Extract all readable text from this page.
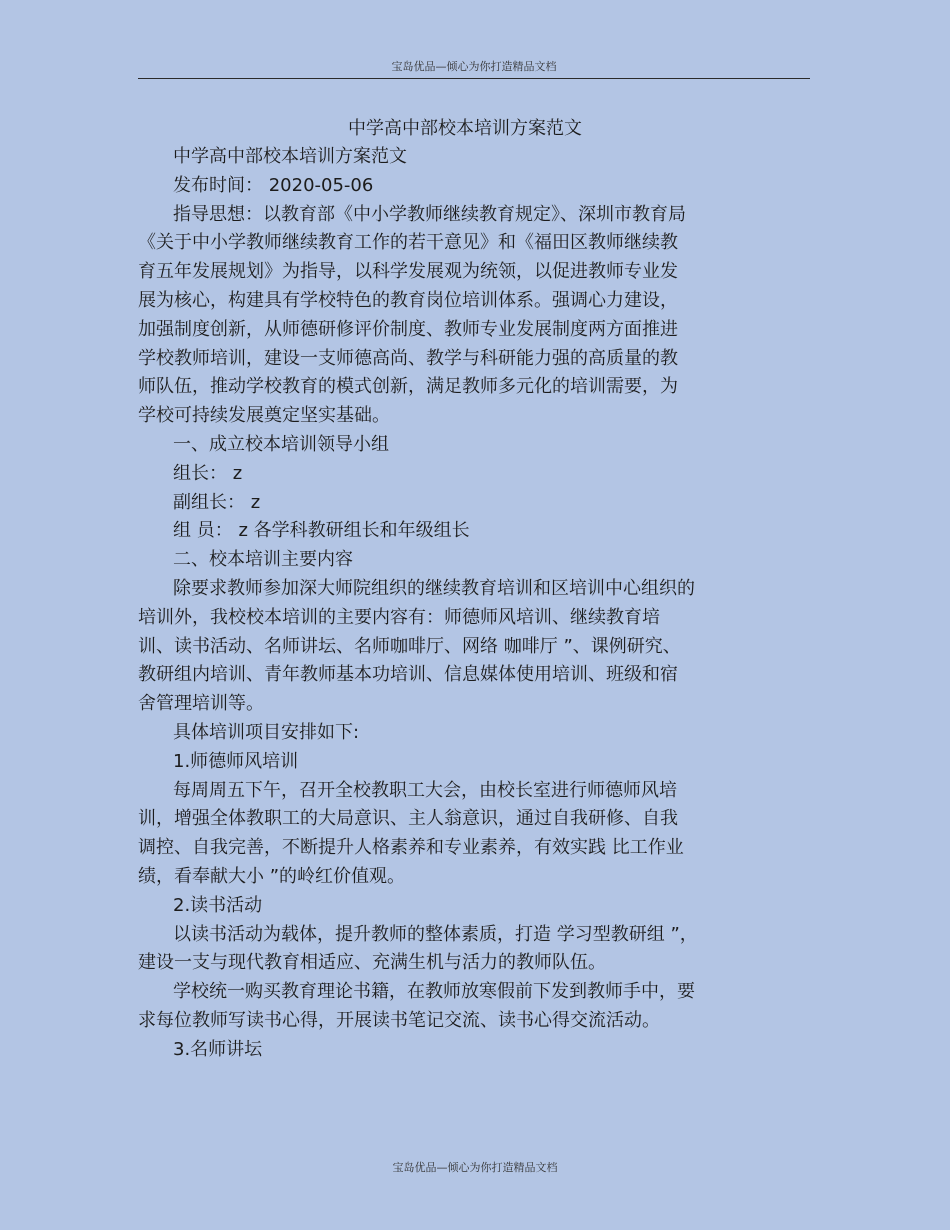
宝岛优品—倾心为你打造精品文档
中学高中部校本培训方案范文
中学高中部校本培训方案范文
发布时间： 2020-05-06
指导思想：以教育部《中小学教师继续教育规定》、深圳市教育局
《关于中小学教师继续教育工作的若干意见》和《福田区教师继续教
育五年发展规划》为指导，以科学发展观为统领，以促进教师专业发
展为核心，构建具有学校特色的教育岗位培训体系。强调心力建设，
加强制度创新，从师德研修评价制度、教师专业发展制度两方面推进
学校教师培训，建设一支师德高尚、教学与科研能力强的高质量的教
师队伍，推动学校教育的模式创新，满足教师多元化的培训需要，为
学校可持续发展奠定坚实基础。
一、成立校本培训领导小组
组长： z
副组长： z
组 员： z 各学科教研组长和年级组长
二、校本培训主要内容
除要求教师参加深大师院组织的继续教育培训和区培训中心组织的
培训外，我校校本培训的主要内容有：师德师风培训、继续教育培
训、读书活动、名师讲坛、名师咖啡厅、网络 咖啡厅 ”、课例研究、
教研组内培训、青年教师基本功培训、信息媒体使用培训、班级和宿
舍管理培训等。
具体培训项目安排如下:
1.师德师风培训
每周周五下午，召开全校教职工大会，由校长室进行师德师风培
训，增强全体教职工的大局意识、主人翁意识，通过自我研修、自我
调控、自我完善，不断提升人格素养和专业素养，有效实践 比工作业
绩，看奉献大小 ”的岭红价值观。
2.读书活动
以读书活动为载体，提升教师的整体素质，打造 学习型教研组 ”，
建设一支与现代教育相适应、充满生机与活力的教师队伍。
学校统一购买教育理论书籍，在教师放寒假前下发到教师手中，要
求每位教师写读书心得，开展读书笔记交流、读书心得交流活动。
3.名师讲坛
宝岛优品—倾心为你打造精品文档
